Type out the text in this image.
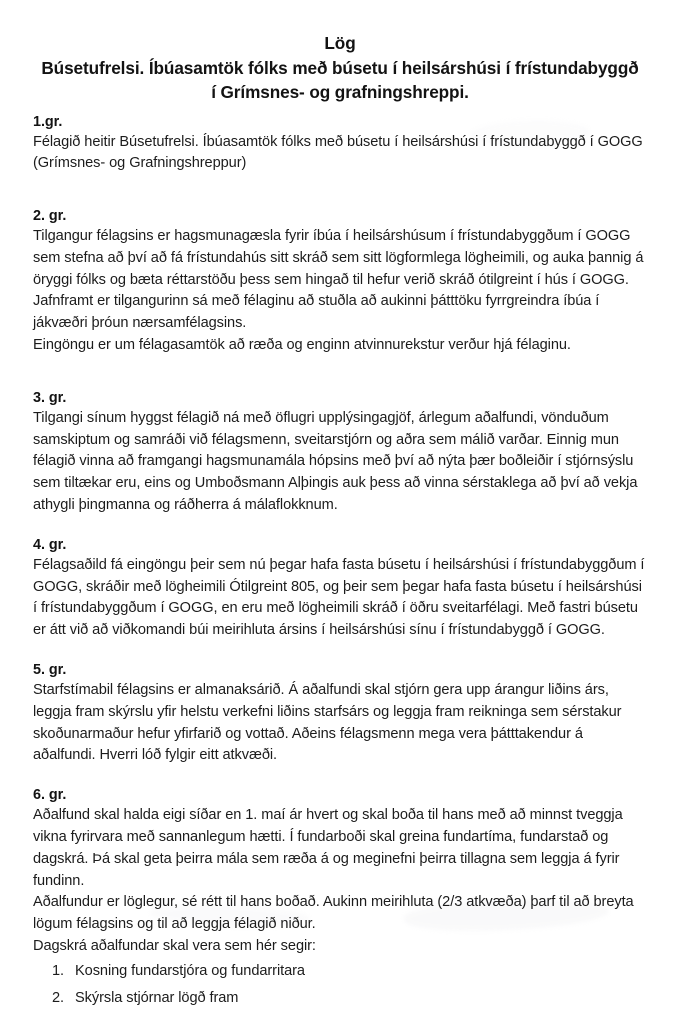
Lög
Búsetufrelsi. Íbúasamtök fólks með búsetu í heilsárshúsi í frístundabyggð í Grímsnes- og grafningshreppi.
1.gr.
Félagið heitir Búsetufrelsi. Íbúasamtök fólks með búsetu í heilsárshúsi í frístundabyggð í GOGG (Grímsnes- og Grafningshreppur)
2. gr.
Tilgangur félagsins er hagsmunagæsla fyrir íbúa í heilsárshúsum í frístundabyggðum í GOGG sem stefna að því að fá frístundahús sitt skráð sem sitt lögformlega lögheimili, og auka þannig á öryggi fólks og bæta réttarstöðu þess sem hingað til hefur verið skráð ótilgreint í hús í GOGG. Jafnframt er tilgangurinn sá með félaginu að stuðla að aukinni þátttöku fyrrgreindra íbúa í jákvæðri þróun nærsamfélagsins.
Eingöngu er um félagasamtök að ræða og enginn atvinnurekstur verður hjá félaginu.
3. gr.
Tilgangi sínum hyggst félagið ná með öflugri upplýsingagjöf, árlegum aðalfundi, vönduðum samskiptum og samráði við félagsmenn, sveitarstjórn og aðra sem málið varðar. Einnig mun félagið vinna að framgangi hagsmunamála hópsins með því að nýta þær boðleiðir í stjórnsýslu sem tiltækar eru, eins og Umboðsmann Alþingis auk þess að vinna sérstaklega að því að vekja athygli þingmanna og ráðherra á málaflokknum.
4. gr.
Félagsaðild fá eingöngu þeir sem nú þegar hafa fasta búsetu í heilsárshúsi í frístundabyggðum í GOGG, skráðir með lögheimili Ótilgreint 805, og þeir sem þegar hafa fasta búsetu í heilsárshúsi í frístundabyggðum í GOGG, en eru með lögheimili skráð í öðru sveitarfélagi. Með fastri búsetu er átt við að viðkomandi búi meirihluta ársins í heilsárshúsi sínu í frístundabyggð í GOGG.
5. gr.
Starfstímabil félagsins er almanaksárið. Á aðalfundi skal stjórn gera upp árangur liðins árs, leggja fram skýrslu yfir helstu verkefni liðins starfsárs og leggja fram reikninga sem sérstakur skoðunarmaður hefur yfirfarið og vottað. Aðeins félagsmenn mega vera þátttakendur á aðalfundi. Hverri lóð fylgir eitt atkvæði.
6. gr.
Aðalfund skal halda eigi síðar en 1. maí ár hvert og skal boða til hans með að minnst tveggja vikna fyrirvara með sannanlegum hætti. Í fundarboði skal greina fundartíma, fundarstað og dagskrá. Þá skal geta þeirra mála sem ræða á og meginefni þeirra tillagna sem leggja á fyrir fundinn.
Aðalfundur er löglegur, sé rétt til hans boðað. Aukinn meirihluta (2/3 atkvæða) þarf til að breyta lögum félagsins og til að leggja félagið niður.
Dagskrá aðalfundar skal vera sem hér segir:
1. Kosning fundarstjóra og fundarritara
2. Skýrsla stjórnar lögð fram
